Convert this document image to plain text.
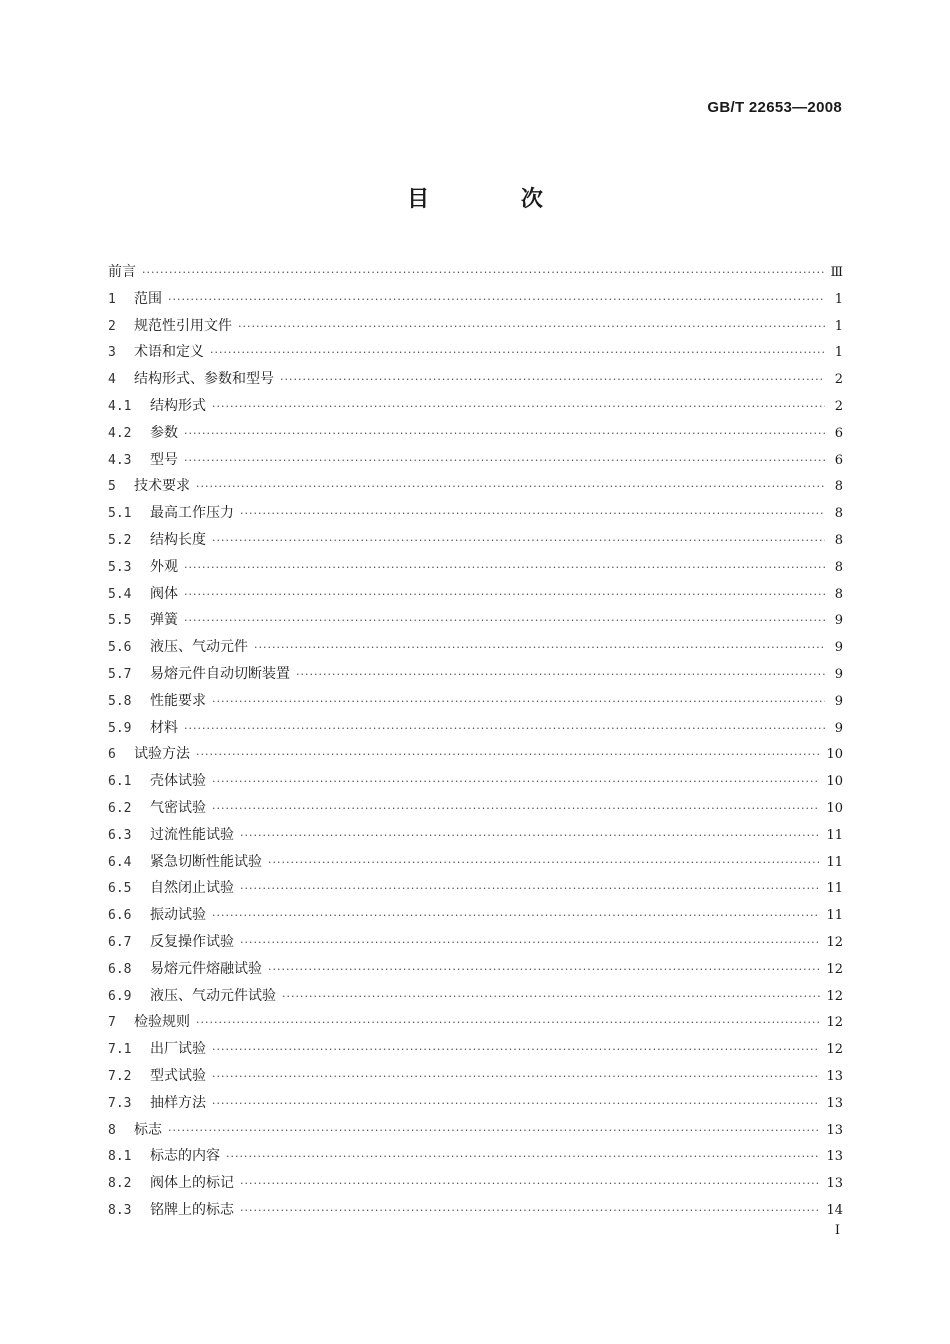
GB/T 22653—2008
目 次
前言 ·····	Ⅲ
1	范围 ·····	1
2	规范性引用文件 ·····	1
3	术语和定义 ·····	1
4	结构形式、参数和型号 ·····	2
4.1	结构形式 ·····	2
4.2	参数 ·····	6
4.3	型号 ·····	6
5	技术要求 ·····	8
5.1	最高工作压力 ·····	8
5.2	结构长度 ·····	8
5.3	外观 ·····	8
5.4	阀体 ·····	8
5.5	弹簧 ·····	9
5.6	液压、气动元件 ·····	9
5.7	易熔元件自动切断装置 ·····	9
5.8	性能要求 ·····	9
5.9	材料 ·····	9
6	试验方法 ·····	10
6.1	壳体试验 ·····	10
6.2	气密试验 ·····	10
6.3	过流性能试验 ·····	11
6.4	紧急切断性能试验 ·····	11
6.5	自然闭止试验 ·····	11
6.6	振动试验 ·····	11
6.7	反复操作试验 ·····	12
6.8	易熔元件熔融试验 ·····	12
6.9	液压、气动元件试验 ·····	12
7	检验规则 ·····	12
7.1	出厂试验 ·····	12
7.2	型式试验 ·····	13
7.3	抽样方法 ·····	13
8	标志 ·····	13
8.1	标志的内容 ·····	13
8.2	阀体上的标记 ·····	13
8.3	铭牌上的标志 ·····	14
I
